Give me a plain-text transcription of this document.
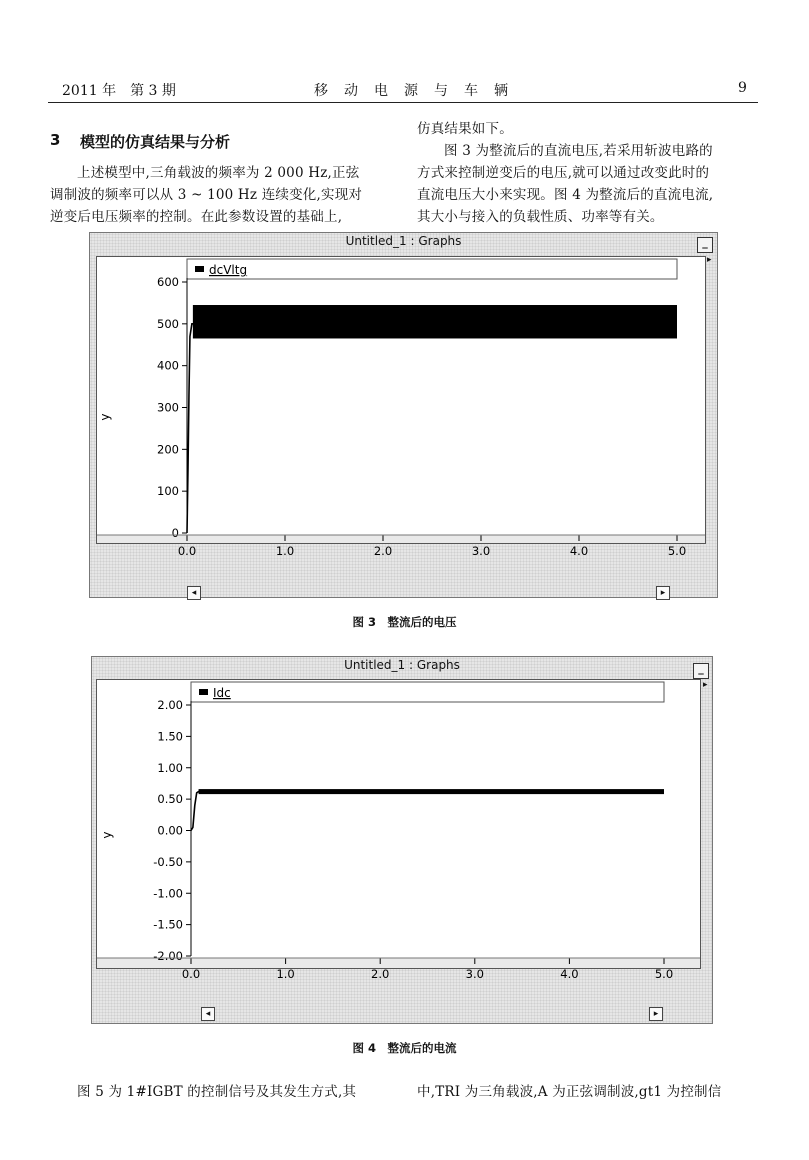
2011 年　第 3 期	移　动　电　源　与　车　辆	9
3 模型的仿真结果与分析
上述模型中,三角载波的频率为 2 000 Hz,正弦
调制波的频率可以从 3 ~ 100 Hz 连续变化,实现对
逆变后电压频率的控制。在此参数设置的基础上,
仿真结果如下。
图 3 为整流后的直流电压,若采用斩波电路的
方式来控制逆变后的电压,就可以通过改变此时的
直流电压大小来实现。图 4 为整流后的直流电流,
其大小与接入的负载性质、功率等有关。
Untitled_1 : Graphs	_
▸
dcVltg
0
100
200
300
400
500
600
y
0.0	1.0	2.0	3.0	4.0	5.0
◂	▸
图 3　整流后的电压
Untitled_1 : Graphs	_
▸
Idc
-2.00
-1.50
-1.00
-0.50
0.00
0.50
1.00
1.50
2.00
y
0.0	1.0	2.0	3.0	4.0	5.0
◂	▸
图 4　整流后的电流
图 5 为 1#IGBT 的控制信号及其发生方式,其	中,TRI 为三角载波,A 为正弦调制波,gt1 为控制信
